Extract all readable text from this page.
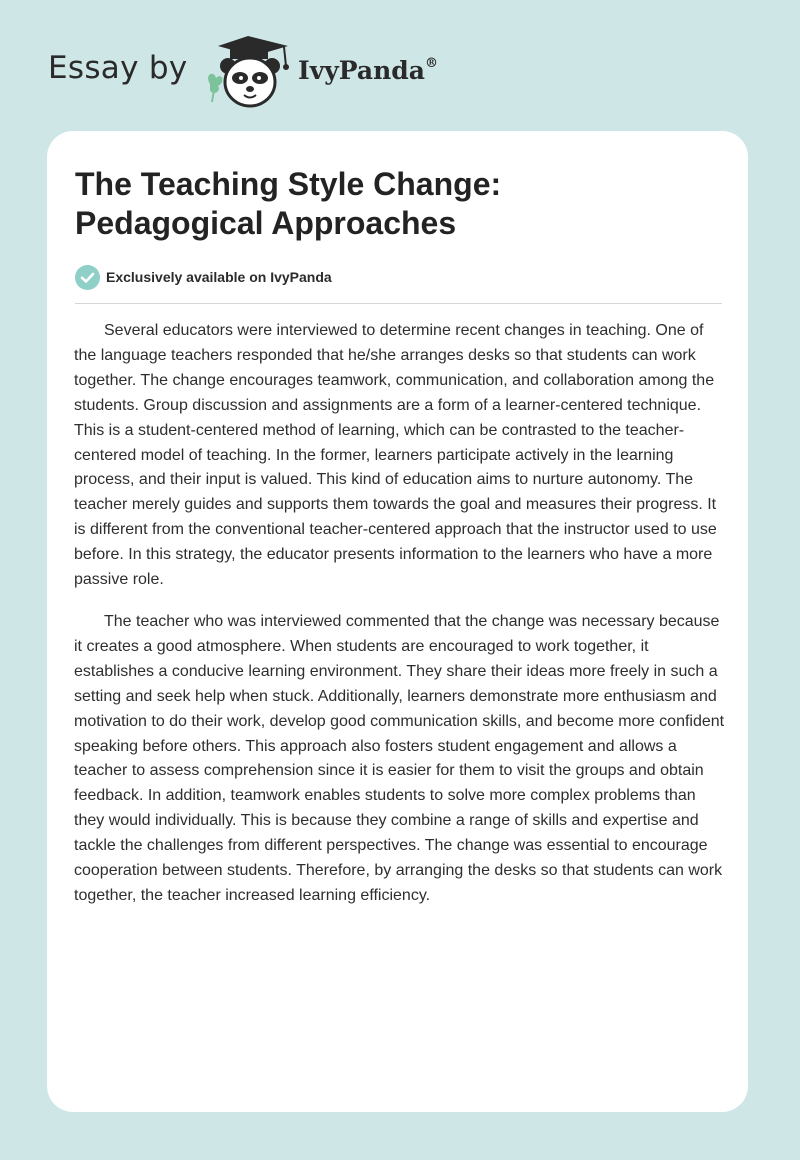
Essay by	IvyPanda®
The Teaching Style Change:
Pedagogical Approaches
Exclusively available on IvyPanda

Several educators were interviewed to determine recent changes in teaching. One of the language teachers responded that he/she arranges desks so that students can work together. The change encourages teamwork, communication, and collaboration among the students. Group discussion and assignments are a form of a learner-centered technique. This is a student-centered method of learning, which can be contrasted to the teacher-centered model of teaching. In the former, learners participate actively in the learning process, and their input is valued. This kind of education aims to nurture autonomy. The teacher merely guides and supports them towards the goal and measures their progress. It is different from the conventional teacher-centered approach that the instructor used to use before. In this strategy, the educator presents information to the learners who have a more passive role.

The teacher who was interviewed commented that the change was necessary because it creates a good atmosphere. When students are encouraged to work together, it establishes a conducive learning environment. They share their ideas more freely in such a setting and seek help when stuck. Additionally, learners demonstrate more enthusiasm and motivation to do their work, develop good communication skills, and become more confident speaking before others. This approach also fosters student engagement and allows a teacher to assess comprehension since it is easier for them to visit the groups and obtain feedback. In addition, teamwork enables students to solve more complex problems than they would individually. This is because they combine a range of skills and expertise and tackle the challenges from different perspectives. The change was essential to encourage cooperation between students. Therefore, by arranging the desks so that students can work together, the teacher increased learning efficiency.
